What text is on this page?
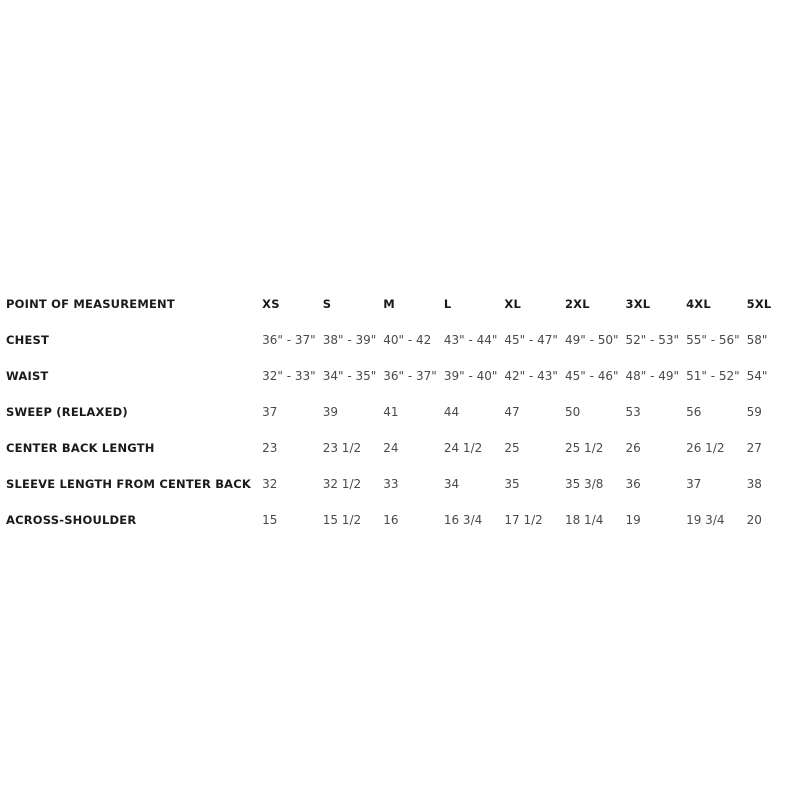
POINT OF MEASUREMENT	XS	S	M	L	XL	2XL	3XL	4XL	5XL
CHEST	36" - 37"	38" - 39"	40" - 42	43" - 44"	45" - 47"	49" - 50"	52" - 53"	55" - 56"	58"
WAIST	32" - 33"	34" - 35"	36" - 37"	39" - 40"	42" - 43"	45" - 46"	48" - 49"	51" - 52"	54"
SWEEP (RELAXED)	37	39	41	44	47	50	53	56	59
CENTER BACK LENGTH	23	23 1/2	24	24 1/2	25	25 1/2	26	26 1/2	27
SLEEVE LENGTH FROM CENTER BACK	32	32 1/2	33	34	35	35 3/8	36	37	38
ACROSS-SHOULDER	15	15 1/2	16	16 3/4	17 1/2	18 1/4	19	19 3/4	20
